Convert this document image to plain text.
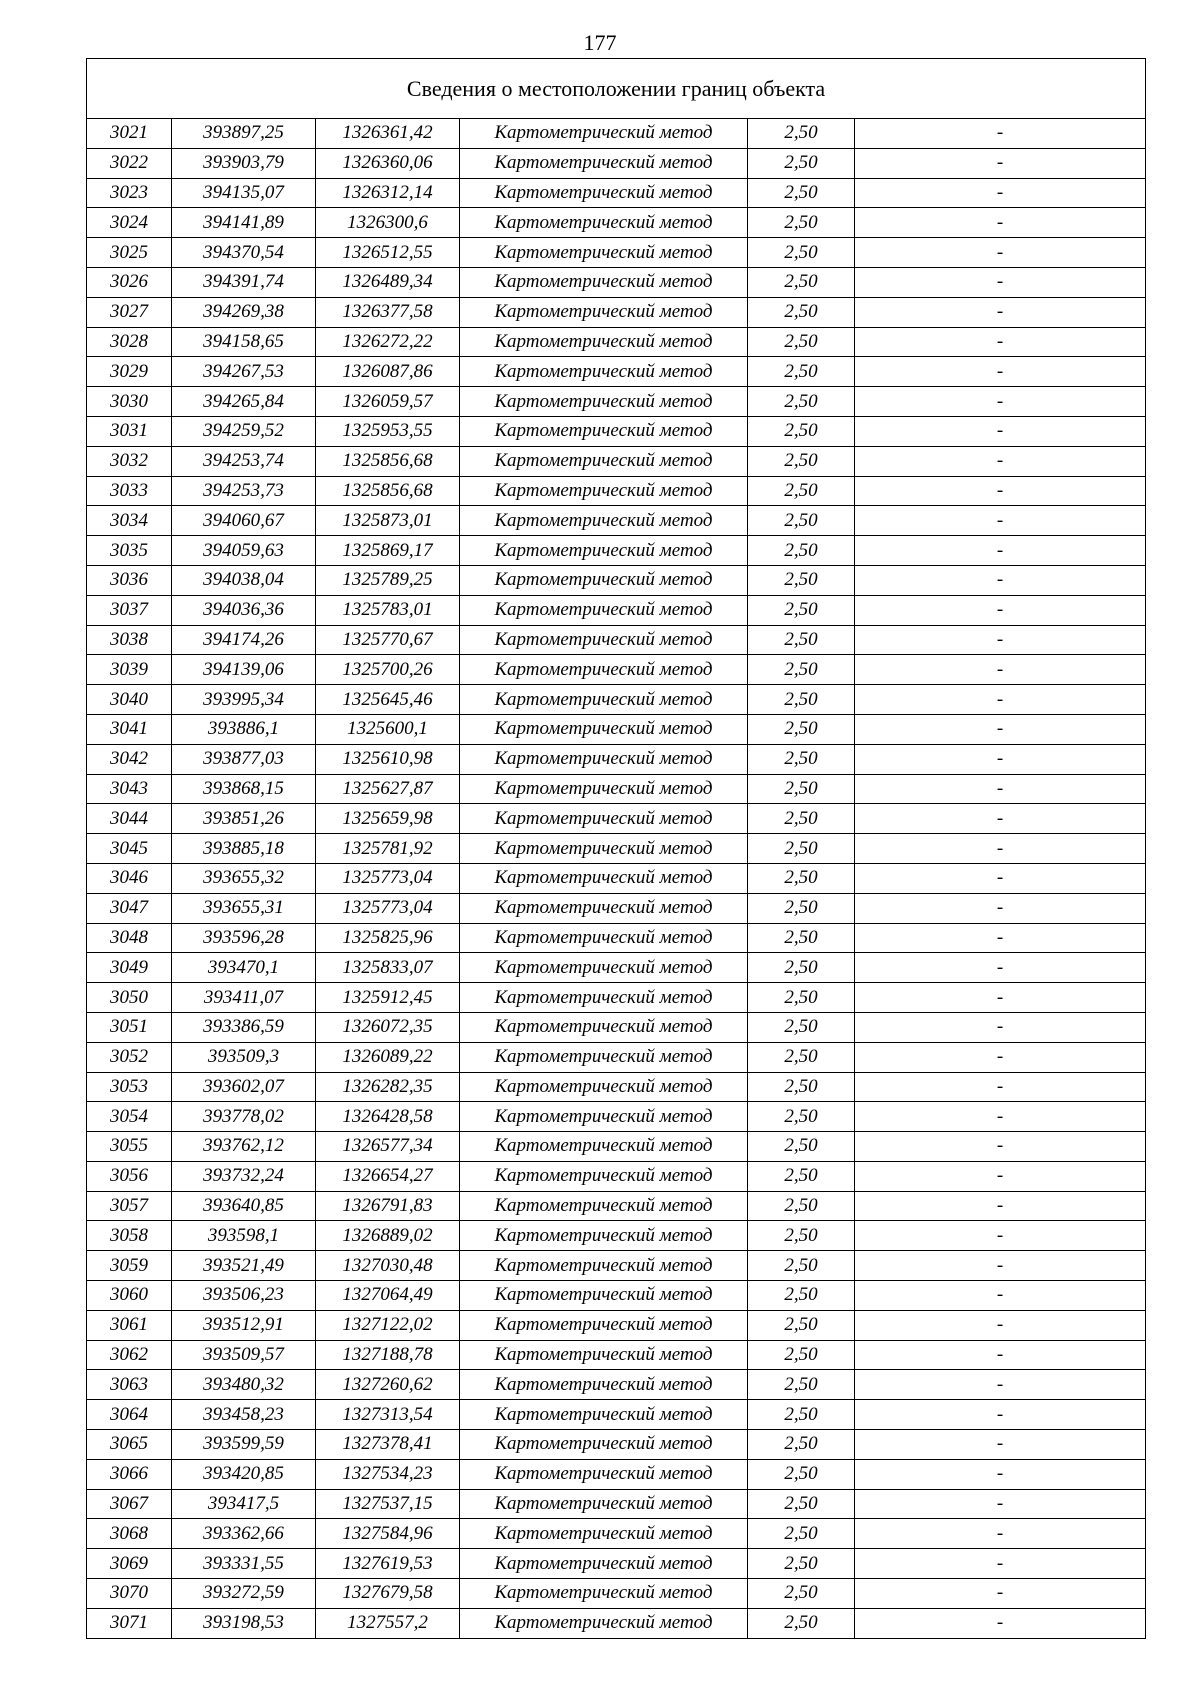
177
Сведения о местоположении границ объекта					
3021	393897,25	1326361,42	Картометрический метод	2,50	-
3022	393903,79	1326360,06	Картометрический метод	2,50	-
3023	394135,07	1326312,14	Картометрический метод	2,50	-
3024	394141,89	1326300,6	Картометрический метод	2,50	-
3025	394370,54	1326512,55	Картометрический метод	2,50	-
3026	394391,74	1326489,34	Картометрический метод	2,50	-
3027	394269,38	1326377,58	Картометрический метод	2,50	-
3028	394158,65	1326272,22	Картометрический метод	2,50	-
3029	394267,53	1326087,86	Картометрический метод	2,50	-
3030	394265,84	1326059,57	Картометрический метод	2,50	-
3031	394259,52	1325953,55	Картометрический метод	2,50	-
3032	394253,74	1325856,68	Картометрический метод	2,50	-
3033	394253,73	1325856,68	Картометрический метод	2,50	-
3034	394060,67	1325873,01	Картометрический метод	2,50	-
3035	394059,63	1325869,17	Картометрический метод	2,50	-
3036	394038,04	1325789,25	Картометрический метод	2,50	-
3037	394036,36	1325783,01	Картометрический метод	2,50	-
3038	394174,26	1325770,67	Картометрический метод	2,50	-
3039	394139,06	1325700,26	Картометрический метод	2,50	-
3040	393995,34	1325645,46	Картометрический метод	2,50	-
3041	393886,1	1325600,1	Картометрический метод	2,50	-
3042	393877,03	1325610,98	Картометрический метод	2,50	-
3043	393868,15	1325627,87	Картометрический метод	2,50	-
3044	393851,26	1325659,98	Картометрический метод	2,50	-
3045	393885,18	1325781,92	Картометрический метод	2,50	-
3046	393655,32	1325773,04	Картометрический метод	2,50	-
3047	393655,31	1325773,04	Картометрический метод	2,50	-
3048	393596,28	1325825,96	Картометрический метод	2,50	-
3049	393470,1	1325833,07	Картометрический метод	2,50	-
3050	393411,07	1325912,45	Картометрический метод	2,50	-
3051	393386,59	1326072,35	Картометрический метод	2,50	-
3052	393509,3	1326089,22	Картометрический метод	2,50	-
3053	393602,07	1326282,35	Картометрический метод	2,50	-
3054	393778,02	1326428,58	Картометрический метод	2,50	-
3055	393762,12	1326577,34	Картометрический метод	2,50	-
3056	393732,24	1326654,27	Картометрический метод	2,50	-
3057	393640,85	1326791,83	Картометрический метод	2,50	-
3058	393598,1	1326889,02	Картометрический метод	2,50	-
3059	393521,49	1327030,48	Картометрический метод	2,50	-
3060	393506,23	1327064,49	Картометрический метод	2,50	-
3061	393512,91	1327122,02	Картометрический метод	2,50	-
3062	393509,57	1327188,78	Картометрический метод	2,50	-
3063	393480,32	1327260,62	Картометрический метод	2,50	-
3064	393458,23	1327313,54	Картометрический метод	2,50	-
3065	393599,59	1327378,41	Картометрический метод	2,50	-
3066	393420,85	1327534,23	Картометрический метод	2,50	-
3067	393417,5	1327537,15	Картометрический метод	2,50	-
3068	393362,66	1327584,96	Картометрический метод	2,50	-
3069	393331,55	1327619,53	Картометрический метод	2,50	-
3070	393272,59	1327679,58	Картометрический метод	2,50	-
3071	393198,53	1327557,2	Картометрический метод	2,50	-
